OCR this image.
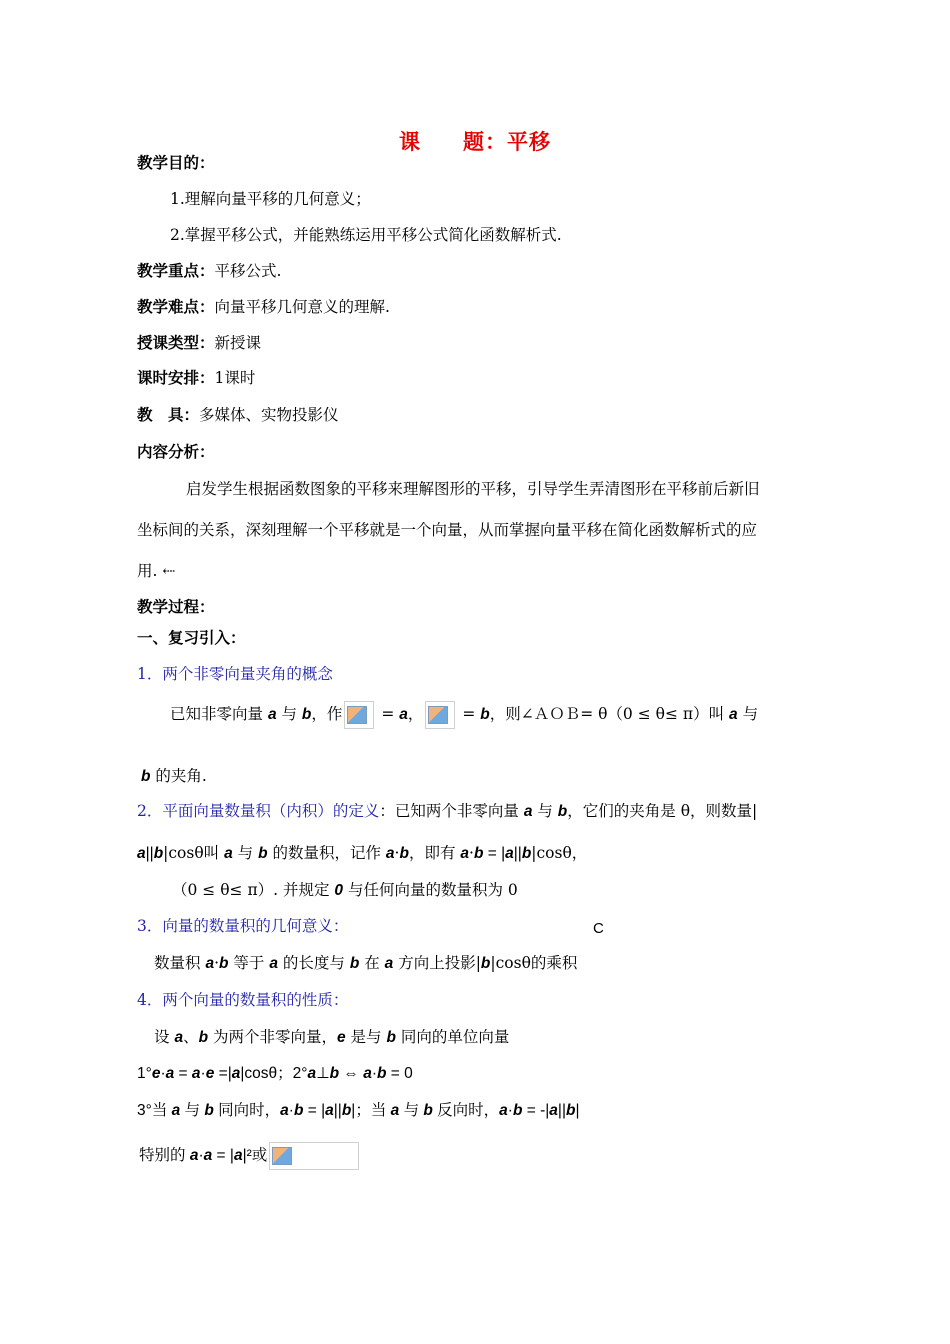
课 题：平移
教学目的：
1.理解向量平移的几何意义；
2.掌握平移公式，并能熟练运用平移公式简化函数解析式.
教学重点：平移公式.
教学难点：向量平移几何意义的理解.
授课类型：新授课
课时安排：1课时
教　具：多媒体、实物投影仪
内容分析：
启发学生根据函数图象的平移来理解图形的平移，引导学生弄清图形在平移前后新旧
坐标间的关系，深刻理解一个平移就是一个向量，从而掌握向量平移在简化函数解析式的应
用. ⇠
教学过程：
一、复习引入：
1．两个非零向量夹角的概念
已知非零向量 a 与 b，作
= a，
= b，则∠ＡＯＢ= θ（0 ≤ θ≤ π）叫 a 与
b 的夹角.
2．平面向量数量积（内积）的定义：已知两个非零向量 a 与 b，它们的夹角是 θ，则数量|
a||b|cosθ叫 a 与 b 的数量积，记作 a·b，即有 a·b = |a||b|cosθ，
（0 ≤ θ≤ π）. 并规定 0 与任何向量的数量积为 0
3．向量的数量积的几何意义：	C
数量积 a·b 等于 a 的长度与 b 在 a 方向上投影|b|cosθ的乘积
4．两个向量的数量积的性质：
设 a、b 为两个非零向量，e 是与 b 同向的单位向量
1°e·a = a·e =|a|cosθ；2°a⊥b ⇔ a·b = 0
3°当 a 与 b 同向时，a·b = |a||b|；当 a 与 b 反向时，a·b = -|a||b|
特别的 a·a = |a|²或
